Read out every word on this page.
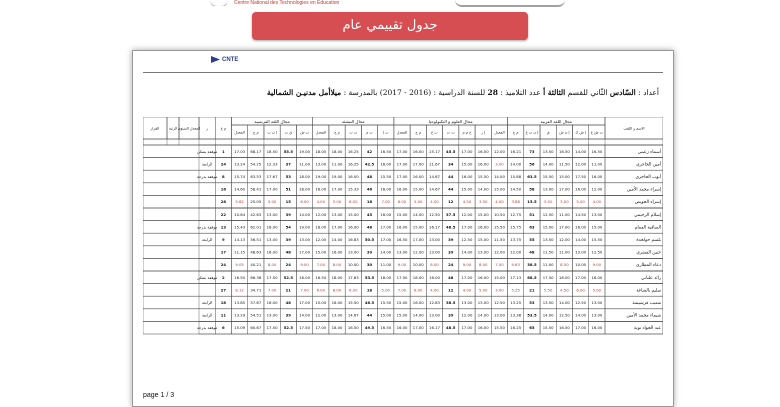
Centre National des Technologies en Education
جدول تقييمي عام
CNTE
أعداد : السّادس الثّاني للقسم الثالثة أ عدد التلاميذ : 28 للسنة الدراسية : (2016 - 2017) بالمدرسة : ميلاأمل مدنيـن الشمالية
مجال اللغة العربية
مجال العلوم و التكنولوجيا
مجال التنشئة
مجال اللغة الفرنسية
الاسم و اللقب
ت ش ع
إ ش ك
إ ن ش
ق
إ ن ت ع
م ج
المعدل
إ ر
ع م م
ت ت
ت ع
م ج
المعدل
ت إ
ت م
ت ت
م ج
المعدل
ت ش
ق ت
إ ن ت
م ج
المعدل
م ع
ر
المعدل السنوي
الرتبة
القرار
أسماء زعيتي
16.50
14.00
16.50
13.50
73
16.21
12.00
16.50
17.00
45.5
15.17
16.00
17.00
16.50
42
16.25
18.00
18.00
19.00
55.5
18.50
68.17
17.03
1
موفقة بتمكن
أمين الحاجري
11.00
12.00
11.50
14.00
56
14.00
3.00
16.00
15.00
34
11.67
17.00
17.00
16.00
42.5
16.25
11.00
13.00
11.00
37
12.33
54.25
13.24
24
الرابعة
أيوب الحاجري
16.00
17.50
15.00
15.50
63.5
15.88
14.00
15.50
16.00
44
14.67
16.00
17.00
15.50
48
16.00
19.00
19.00
18.00
53
17.67
63.53
15.74
8
موفقة بدرجة
إسراء محمد الأمين
12.00
16.00
17.00
13.00
58
14.50
15.00
14.00
15.00
44
14.67
15.00
16.00
16.00
46
15.33
17.00
16.00
18.00
51
17.00
58.41
14.60
16
إسراء الخويض
4.00
5.00
3.00
3.50
15.5
3.88
4.00
3.50
4.50
12
4.00
5.00
6.00
7.00
18
6.00
5.00
4.00
6.00
15
5.00
25.05
5.82
28
إسلام الرحيمي
13.00
14.50
11.00
12.50
51
12.75
10.50
15.00
12.00
37.5
12.50
14.00
15.00
16.00
45
15.00
13.00
12.00
14.00
39
13.00
42.63
10.64
22
الصافية القمام
15.00
16.00
17.00
15.00
63
15.75
15.50
16.00
17.00
48.5
16.17
15.00
16.00
17.00
48
16.00
17.00
18.00
19.00
54
18.00
62.01
15.43
13
موفقة بدرجة
بلسم حولخدة
15.50
14.00
12.00
13.50
55
13.75
11.50
15.00
12.50
39
13.00
17.00
16.50
17.00
50.5
16.83
14.00
12.00
13.00
39
13.00
56.51
14.13
9
الرابعة
حنين القشري
12.50
13.00
11.00
11.50
48
12.00
12.00
13.00
14.00
39
13.00
12.00
13.00
14.00
39
13.00
16.00
15.00
17.00
48
16.00
48.63
11.15
17
دعاء المطاري
9.00
10.00
8.50
11.00
38.5
9.63
7.00
8.00
9.00
24
8.00
10.00
9.00
11.00
30
10.00
8.00
7.00
9.00
24
8.00
40.21
9.05
24
رائد علتاني
16.00
17.00
18.00
17.50
68.5
17.13
15.00
16.00
17.00
48
16.00
18.00
17.50
18.00
53.5
17.83
18.00
16.50
18.00
52.5
17.50
66.38
16.50
2
موفقة بتمكن
سليم بالشاغة
5.00
6.00
4.50
5.50
21
5.25
3.00
5.00
4.00
12
4.00
6.00
7.00
5.00
18
6.00
8.00
6.00
7.00
21
7.00
34.71
8.12
27
شعيب فرشيشة
13.00
12.50
14.00
13.50
53
13.25
12.50
13.00
13.00
38.5
12.83
16.00
15.00
15.50
46.5
15.50
16.00
15.00
17.00
48
16.00
57.67
13.85
18
الرابعة
شيماء محمد الأمين
13.00
14.00
12.50
14.00
53.5
13.38
13.00
14.00
12.00
39
13.00
14.00
15.00
15.00
44
14.67
13.00
12.00
14.00
39
13.00
54.51
13.29
11
الرابعة
عبد الجواد توبة
16.00
17.00
16.50
15.50
65
16.25
15.50
16.00
17.00
48.5
16.17
17.00
16.00
16.50
49.5
16.50
18.00
17.00
17.50
52.5
17.50
60.67
15.09
6
موفقة بدرجة
page 1 / 3
